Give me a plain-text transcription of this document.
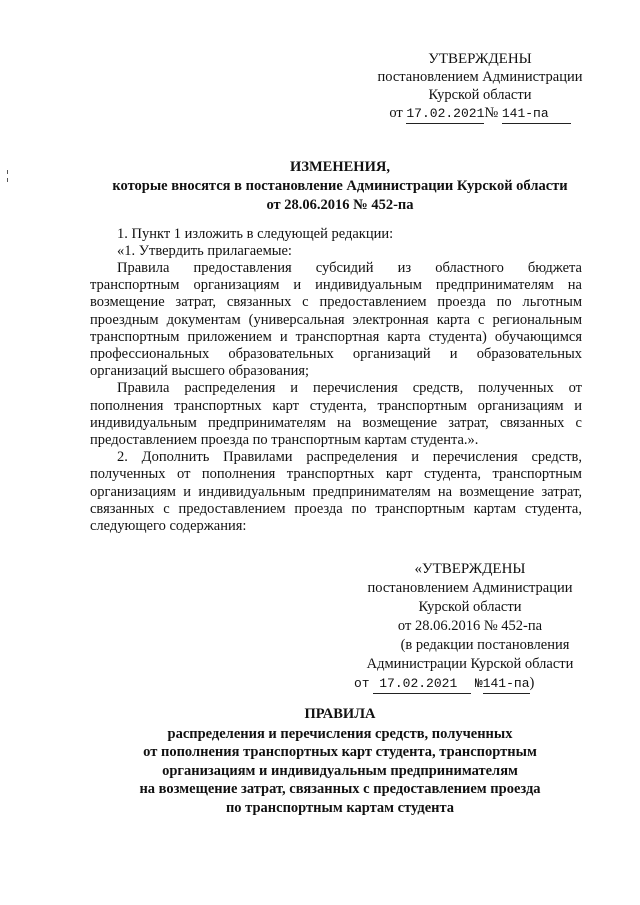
УТВЕРЖДЕНЫ
постановлением Администрации
Курской области
от 17.02.2021№ 141-па
ИЗМЕНЕНИЯ,
которые вносятся в постановление Администрации Курской области
от 28.06.2016 № 452-па

1. Пункт 1 изложить в следующей редакции:

«1. Утвердить прилагаемые:

Правила предоставления субсидий из областного бюджета

транспортным организациям и индивидуальным предпринимателям на возмещение затрат, связанных с предоставлением проезда по льготным проездным документам (универсальная электронная карта с региональным транспортным приложением и транспортная карта студента) обучающимся профессиональных образовательных организаций и образовательных организаций высшего образования;

Правила распределения и перечисления средств, полученных от

пополнения транспортных карт студента, транспортным организациям и индивидуальным предпринимателям на возмещение затрат, связанных с предоставлением проезда по транспортным картам студента.».

2. Дополнить Правилами распределения и перечисления средств,

полученных от пополнения транспортных карт студента, транспортным организациям и индивидуальным предпринимателям на возмещение затрат, связанных с предоставлением проезда по транспортным картам студента, следующего содержания:

«УТВЕРЖДЕНЫ
постановлением Администрации
Курской области
от 28.06.2016 № 452-па
(в редакции постановления
Администрации Курской области
от 17.02.2021 №141-па)
ПРАВИЛА
распределения и перечисления средств, полученных
от пополнения транспортных карт студента, транспортным
организациям и индивидуальным предпринимателям
на возмещение затрат, связанных с предоставлением проезда
по транспортным картам студента
